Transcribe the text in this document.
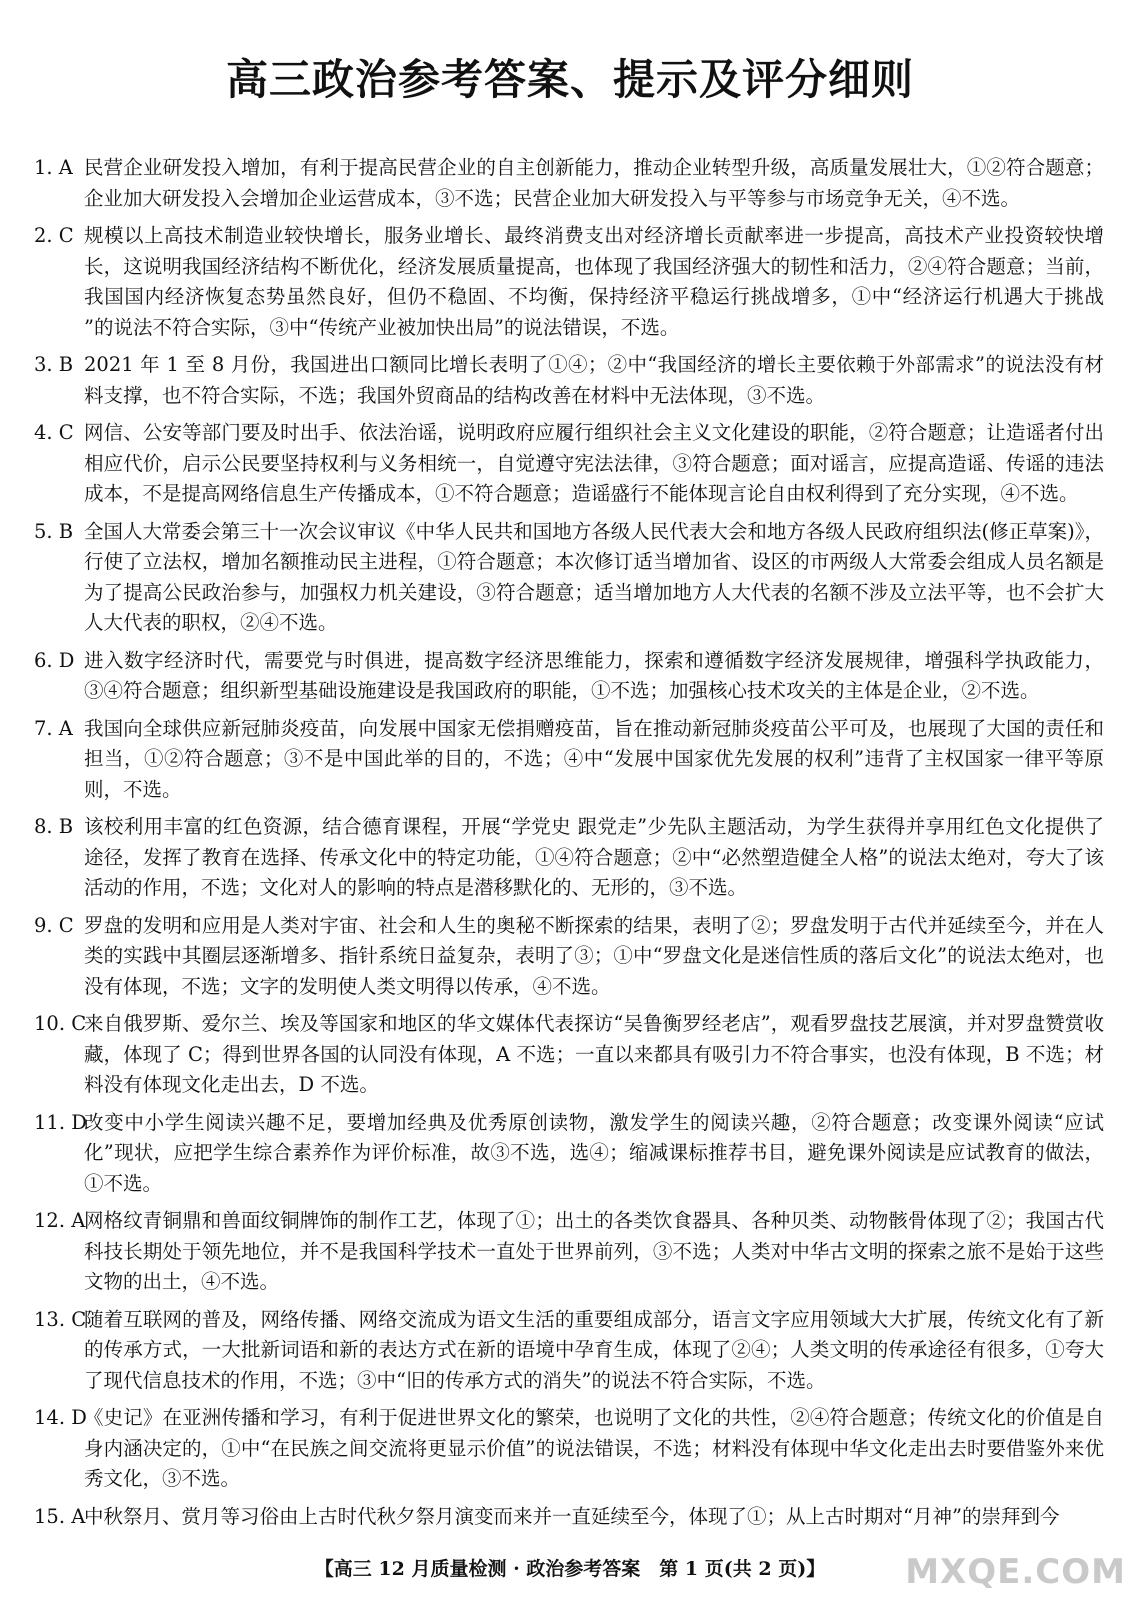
高三政治参考答案、提示及评分细则
1. A 民营企业研发投入增加，有利于提高民营企业的自主创新能力，推动企业转型升级，高质量发展壮大，①②符合题意；企业加大研发投入会增加企业运营成本，③不选；民营企业加大研发投入与平等参与市场竞争无关，④不选。
2. C 规模以上高技术制造业较快增长，服务业增长、最终消费支出对经济增长贡献率进一步提高，高技术产业投资较快增长，这说明我国经济结构不断优化，经济发展质量提高，也体现了我国经济强大的韧性和活力，②④符合题意；当前，我国国内经济恢复态势虽然良好，但仍不稳固、不均衡，保持经济平稳运行挑战增多，①中“经济运行机遇大于挑战 ”的说法不符合实际，③中“传统产业被加快出局”的说法错误，不选。
3. B 2021 年 1 至 8 月份，我国进出口额同比增长表明了①④；②中“我国经济的增长主要依赖于外部需求”的说法没有材料支撑，也不符合实际，不选；我国外贸商品的结构改善在材料中无法体现，③不选。
4. C 网信、公安等部门要及时出手、依法治谣，说明政府应履行组织社会主义文化建设的职能，②符合题意；让造谣者付出相应代价，启示公民要坚持权利与义务相统一，自觉遵守宪法法律，③符合题意；面对谣言，应提高造谣、传谣的违法成本，不是提高网络信息生产传播成本，①不符合题意；造谣盛行不能体现言论自由权利得到了充分实现，④不选。
5. B 全国人大常委会第三十一次会议审议《中华人民共和国地方各级人民代表大会和地方各级人民政府组织法(修正草案)》，行使了立法权，增加名额推动民主进程，①符合题意；本次修订适当增加省、设区的市两级人大常委会组成人员名额是为了提高公民政治参与，加强权力机关建设，③符合题意；适当增加地方人大代表的名额不涉及立法平等，也不会扩大人大代表的职权，②④不选。
6. D 进入数字经济时代，需要党与时俱进，提高数字经济思维能力，探索和遵循数字经济发展规律，增强科学执政能力，③④符合题意；组织新型基础设施建设是我国政府的职能，①不选；加强核心技术攻关的主体是企业，②不选。
7. A 我国向全球供应新冠肺炎疫苗，向发展中国家无偿捐赠疫苗，旨在推动新冠肺炎疫苗公平可及，也展现了大国的责任和担当，①②符合题意；③不是中国此举的目的，不选；④中“发展中国家优先发展的权利”违背了主权国家一律平等原则，不选。
8. B 该校利用丰富的红色资源，结合德育课程，开展“学党史 跟党走”少先队主题活动，为学生获得并享用红色文化提供了途径，发挥了教育在选择、传承文化中的特定功能，①④符合题意；②中“必然塑造健全人格”的说法太绝对，夸大了该活动的作用，不选；文化对人的影响的特点是潜移默化的、无形的，③不选。
9. C 罗盘的发明和应用是人类对宇宙、社会和人生的奥秘不断探索的结果，表明了②；罗盘发明于古代并延续至今，并在人类的实践中其圈层逐渐增多、指针系统日益复杂，表明了③；①中“罗盘文化是迷信性质的落后文化”的说法太绝对，也没有体现，不选；文字的发明使人类文明得以传承，④不选。
10. C
来自俄罗斯、爱尔兰、埃及等国家和地区的华文媒体代表探访“吴鲁衡罗经老店”，观看罗盘技艺展演，并对罗盘赞赏收藏，体现了 C；得到世界各国的认同没有体现，A 不选；一直以来都具有吸引力不符合事实，也没有体现，B 不选；材料没有体现文化走出去，D 不选。
11. D
改变中小学生阅读兴趣不足，要增加经典及优秀原创读物，激发学生的阅读兴趣，②符合题意；改变课外阅读“应试化”现状，应把学生综合素养作为评价标准，故③不选，选④；缩减课标推荐书目，避免课外阅读是应试教育的做法，①不选。
12. A
网格纹青铜鼎和兽面纹铜牌饰的制作工艺，体现了①；出土的各类饮食器具、各种贝类、动物骸骨体现了②；我国古代科技长期处于领先地位，并不是我国科学技术一直处于世界前列，③不选；人类对中华古文明的探索之旅不是始于这些文物的出土，④不选。
13. C
随着互联网的普及，网络传播、网络交流成为语文生活的重要组成部分，语言文字应用领域大大扩展，传统文化有了新的传承方式，一大批新词语和新的表达方式在新的语境中孕育生成，体现了②④；人类文明的传承途径有很多，①夸大了现代信息技术的作用，不选；③中“旧的传承方式的消失”的说法不符合实际，不选。
14. D
《史记》在亚洲传播和学习，有利于促进世界文化的繁荣，也说明了文化的共性，②④符合题意；传统文化的价值是自身内涵决定的，①中“在民族之间交流将更显示价值”的说法错误，不选；材料没有体现中华文化走出去时要借鉴外来优秀文化，③不选。
15. A
中秋祭月、赏月等习俗由上古时代秋夕祭月演变而来并一直延续至今，体现了①；从上古时期对“月神”的崇拜到今
【高三 12 月质量检测 · 政治参考答案　第 1 页(共 2 页)】	MXQE.COM
